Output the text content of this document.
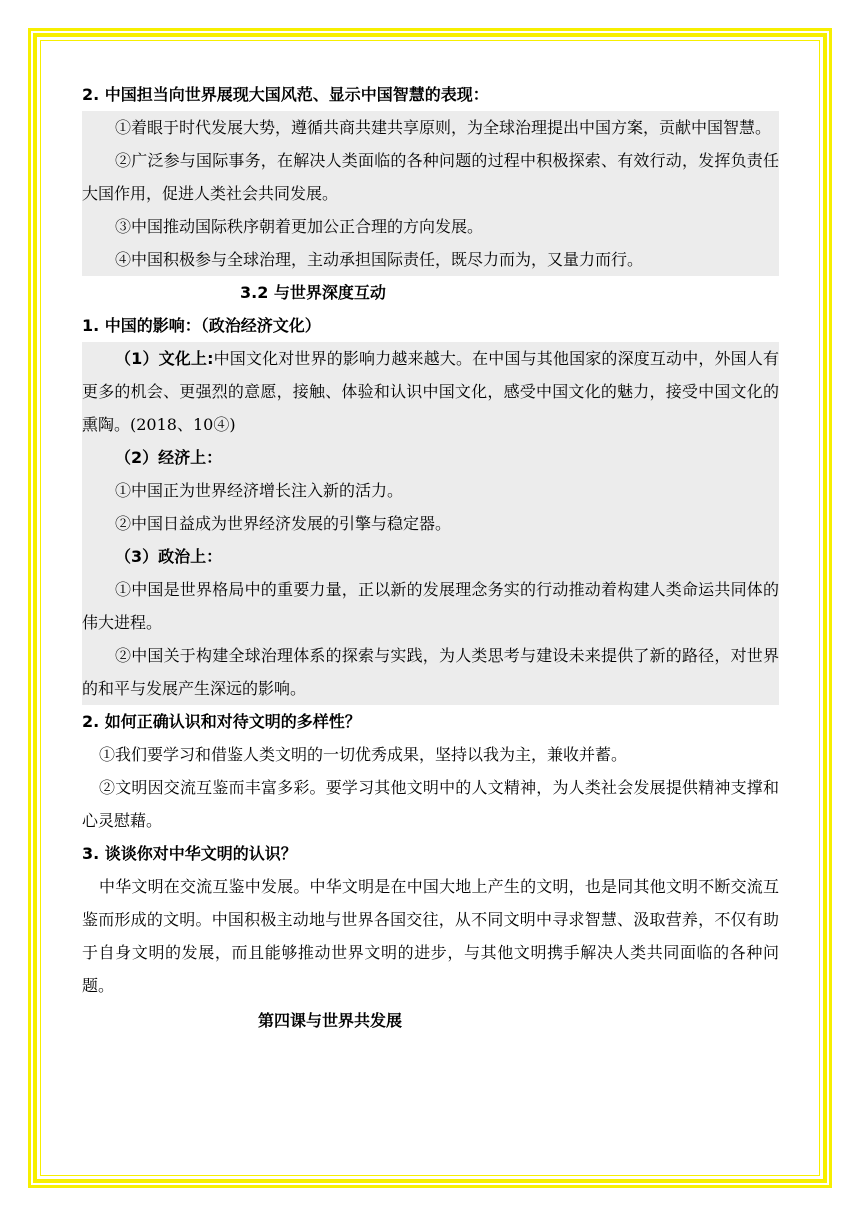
2. 中国担当向世界展现大国风范、显示中国智慧的表现：

①着眼于时代发展大势，遵循共商共建共享原则，为全球治理提出中国方案，贡献中国智慧。

②广泛参与国际事务，在解决人类面临的各种问题的过程中积极探索、有效行动，发挥负责任大国作用，促进人类社会共同发展。

③中国推动国际秩序朝着更加公正合理的方向发展。

④中国积极参与全球治理，主动承担国际责任，既尽力而为，又量力而行。

3.2 与世界深度互动

1. 中国的影响：（政治经济文化）

（1）文化上:中国文化对世界的影响力越来越大。在中国与其他国家的深度互动中，外国人有更多的机会、更强烈的意愿，接触、体验和认识中国文化，感受中国文化的魅力，接受中国文化的熏陶。(2018、10④)

（2）经济上：

①中国正为世界经济增长注入新的活力。

②中国日益成为世界经济发展的引擎与稳定器。

（3）政治上：

①中国是世界格局中的重要力量，正以新的发展理念务实的行动推动着构建人类命运共同体的伟大进程。

②中国关于构建全球治理体系的探索与实践，为人类思考与建设未来提供了新的路径，对世界的和平与发展产生深远的影响。

2. 如何正确认识和对待文明的多样性？

①我们要学习和借鉴人类文明的一切优秀成果，坚持以我为主，兼收并蓄。

②文明因交流互鉴而丰富多彩。要学习其他文明中的人文精神，为人类社会发展提供精神支撑和心灵慰藉。

3. 谈谈你对中华文明的认识？

中华文明在交流互鉴中发展。中华文明是在中国大地上产生的文明，也是同其他文明不断交流互鉴而形成的文明。中国积极主动地与世界各国交往，从不同文明中寻求智慧、汲取营养，不仅有助于自身文明的发展，而且能够推动世界文明的进步，与其他文明携手解决人类共同面临的各种问题。

第四课与世界共发展
